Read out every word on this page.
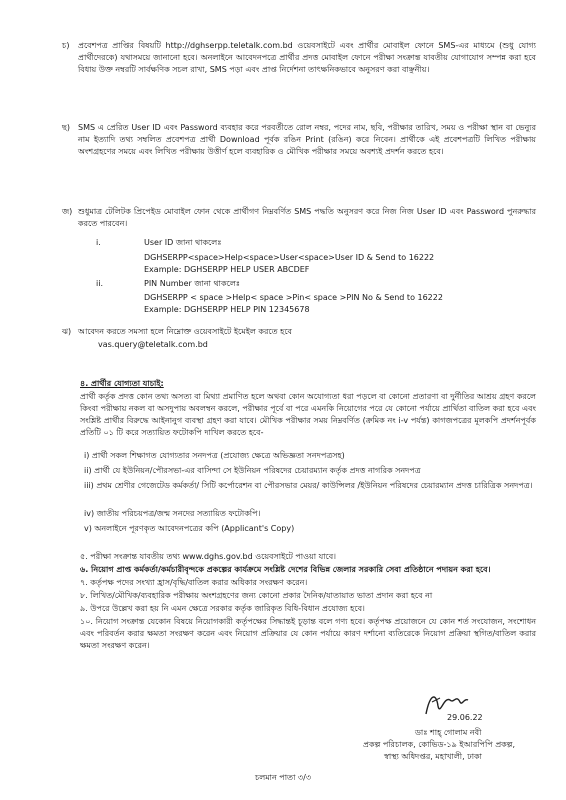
চ) প্রবেশপত্র প্রাপ্তির বিষয়টি http://dghserpp.teletalk.com.bd ওয়েবসাইটে এবং প্রার্থীর মোবাইল ফোনে SMS-এর মাধ্যমে (শুধু যোগ্য প্রার্থীদেরকে) যথাসময়ে জানানো হবে। অনলাইনে আবেদনপত্রে প্রার্থীর প্রদত্ত মোবাইল ফোনে পরীক্ষা সংক্রান্ত যাবতীয় যোগাযোগ সম্পন্ন করা হবে বিধায় উক্ত নম্বরটি সার্বক্ষণিক সচল রাখা, SMS পড়া এবং প্রাপ্ত নির্দেশনা তাৎক্ষনিকভাবে অনুসরণ করা বাঞ্ছনীয়।
ছ) SMS এ প্রেরিত User ID এবং Password ব্যবহার করে পরবর্তীতে রোল নম্বর, পদের নাম, ছবি, পরীক্ষার তারিখ, সময় ও পরীক্ষা স্থান বা ভেন্যুর নাম ইত্যাদি তথ্য সম্বলিত প্রবেশপত্র প্রার্থী Download পূর্বক রঙিন Print (রঙিন) করে নিবেন। প্রার্থীকে এই প্রবেশপত্রটি লিখিত পরীক্ষায় অংশগ্রহণের সময়ে এবং লিখিত পরীক্ষায় উত্তীর্ণ হলে ব্যবহারিক ও মৌখিক পরীক্ষার সময়ে অবশ্যই প্রদর্শন করতে হবে।
জ) শুধুমাত্র টেলিটক প্রিপেইড মোবাইল ফোন থেকে প্রার্থীগণ নিম্নবর্ণিত SMS পদ্ধতি অনুসরণ করে নিজ নিজ User ID এবং Password পুনরুদ্ধার করতে পারবেন।
i.	User ID জানা থাকলেঃ
DGHSERPP<space>Help<space>User<space>User ID & Send to 16222
Example: DGHSERPP HELP USER ABCDEF
ii.	PIN Number জানা থাকলেঃ
DGHSERPP < space >Help< space >Pin< space >PIN No & Send to 16222
Example: DGHSERPP HELP PIN 12345678
ঝ) আবেদন করতে সমস্যা হলে নিম্নোক্ত ওয়েবসাইটে ইমেইল করতে হবে
vas.query@teletalk.com.bd
৪. প্রার্থীর যোগ্যতা যাচাই:
প্রার্থী কর্তৃক প্রদত্ত কোন তথ্য অসত্য বা মিথ্যা প্রমাণিত হলে অথবা কোন অযোগ্যতা ধরা পড়লে বা কোনো প্রতারণা বা দুর্নীতির আশ্রয় গ্রহণ করলে কিংবা পরীক্ষায় নকল বা অসদুপায় অবলম্বন করলে, পরীক্ষার পূর্বে বা পরে এমনকি নিয়োগের পরে যে কোনো পর্যায়ে প্রার্থিতা বাতিল করা হবে এবং সংশ্লিষ্ট প্রার্থীর বিরুদ্ধে আইনানুগ ব্যবস্থা গ্রহণ করা যাবে। মৌখিক পরীক্ষার সময় নিম্নবর্ণিত (ক্রমিক নং i-v পর্যন্ত) কাগজপত্রের মূলকপি প্রদর্শনপূর্বক প্রতিটি ০১ টি করে সত্যায়িত ফটোকপি দাখিল করতে হবে-
i) প্রার্থী সকল শিক্ষাগত যোগ্যতার সনদপত্র (প্রযোজ্য ক্ষেত্রে অভিজ্ঞতা সনদপত্রসহ)
ii) প্রার্থী যে ইউনিয়ন/পৌরসভা-এর বাসিন্দা সে ইউনিয়ন পরিষদের চেয়ারম্যান কর্তৃক প্রদত্ত নাগরিক সনদপত্র
iii) প্রথম শ্রেণীর গেজেটেড কর্মকর্তা/ সিটি কর্পোরেশন বা পৌরসভার মেয়র/ কাউন্সিলর /ইউনিয়ন পরিষদের চেয়ারম্যান প্রদত্ত চারিত্রিক সনদপত্র।
iv) জাতীয় পরিচয়পত্র/জন্ম সনদের সত্যায়িত ফটোকপি।
v) অনলাইনে পূরণকৃত আবেদনপত্রের কপি (Applicant's Copy)
৫. পরীক্ষা সংক্রান্ত যাবতীয় তথ্য www.dghs.gov.bd ওয়েবসাইটে পাওয়া যাবে।
৬. নিয়োগ প্রাপ্ত কর্মকর্তা/কর্মচারীবৃন্দকে প্রকল্পের কার্যক্রমে সংশ্লিষ্ট দেশের বিভিন্ন জেলার সরকারি সেবা প্রতিষ্ঠানে পদায়ন করা হবে।
৭. কর্তৃপক্ষ পদের সংখ্যা হ্রাস/বৃদ্ধি/বাতিল করার অধিকার সংরক্ষণ করেন।
৮. লিখিত/মৌখিক/ব্যবহারিক পরীক্ষায় অংশগ্রহণের জন্য কোনো প্রকার দৈনিক/যাতায়াত ভাতা প্রদান করা হবে না
৯. উপরে উল্লেখ করা হয় নি এমন ক্ষেত্রে সরকার কর্তৃক জারিকৃত বিধি-বিধান প্রযোজ্য হবে।
১০. নিয়োগ সংক্রান্ত যেকোন বিষয়ে নিয়োগকারী কর্তৃপক্ষের সিদ্ধান্তই চূড়ান্ত বলে গণ্য হবে। কর্তৃপক্ষ প্রয়োজনে যে কোন শর্ত সংযোজন, সংশোধন এবং পরিবর্তন করার ক্ষমতা সংরক্ষণ করেন এবং নিয়োগ প্রক্রিয়ার যে কোন পর্যায়ে কারণ দর্শানো ব্যতিরেকে নিয়োগ প্রক্রিয়া স্থগিত/বাতিল করার ক্ষমতা সংরক্ষণ করেন।
29.06.22
ডাঃ শাহ্ গোলাম নবী
প্রকল্প পরিচালক, কোভিড-১৯ ইআরপিপি প্রকল্প,
স্বাস্থ্য অধিদপ্তর, মহাখালী, ঢাকা
চলমান পাতা ৩/৩
